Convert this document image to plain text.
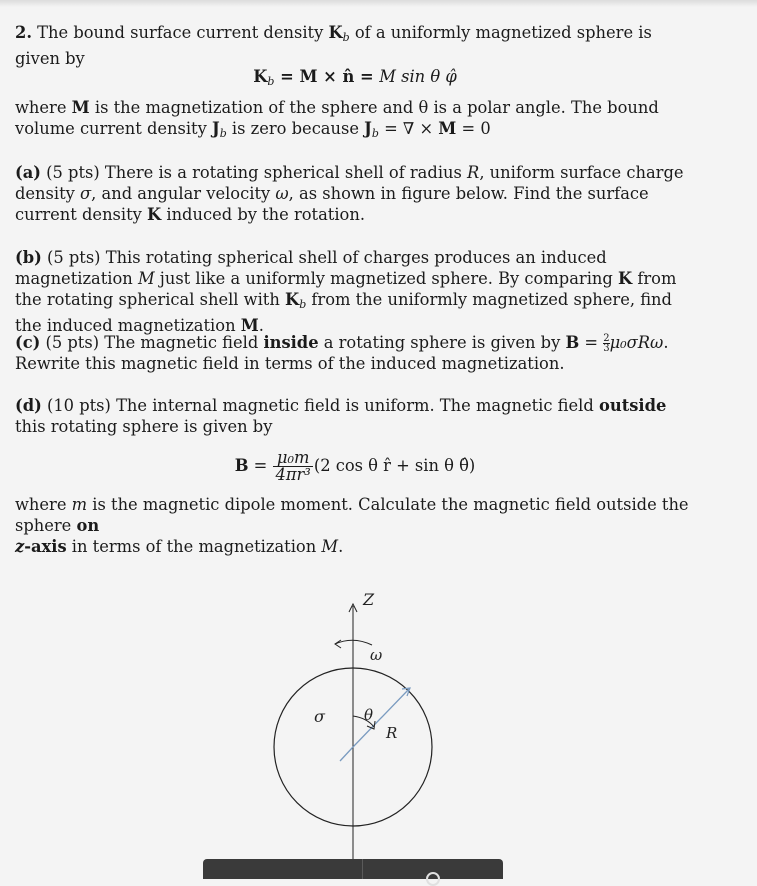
2. The bound surface current density $K_b$ of a uniformly magnetized sphere is given by

$K_b = M$ × n̂ = M sin θ φ̂

where M is the magnetization of the sphere and θ is a polar angle. The bound volume current density $J_b$ is zero because $J_b$ = ∇ × M = 0

(a) (5 pts) There is a rotating spherical shell of radius R, uniform surface charge density σ, and angular velocity ω, as shown in figure below. Find the surface current density K induced by the rotation.

(b) (5 pts) This rotating spherical shell of charges produces an induced magnetization M just like a uniformly magnetized sphere. By comparing K from the rotating spherical shell with $K_b$ from the uniformly magnetized sphere, find the induced magnetization M.

(c) (5 pts) The magnetic field inside a rotating sphere is given by $B = \frac{2}{3} \mu_0\sigma R\omega$. Rewrite this magnetic field in terms of the induced magnetization.

(d) (10 pts) The internal magnetic field is uniform. The magnetic field outside this rotating sphere is given by

$B = \frac{\text{μ₀m}}{\text{4πr³}} (2$ cos θ r̂ + sin θ θ̂)

where m is the magnetic dipole moment. Calculate the magnetic field outside the sphere on
z-axis in terms of the magnetization M.

Z
ω
σ	θ
R
